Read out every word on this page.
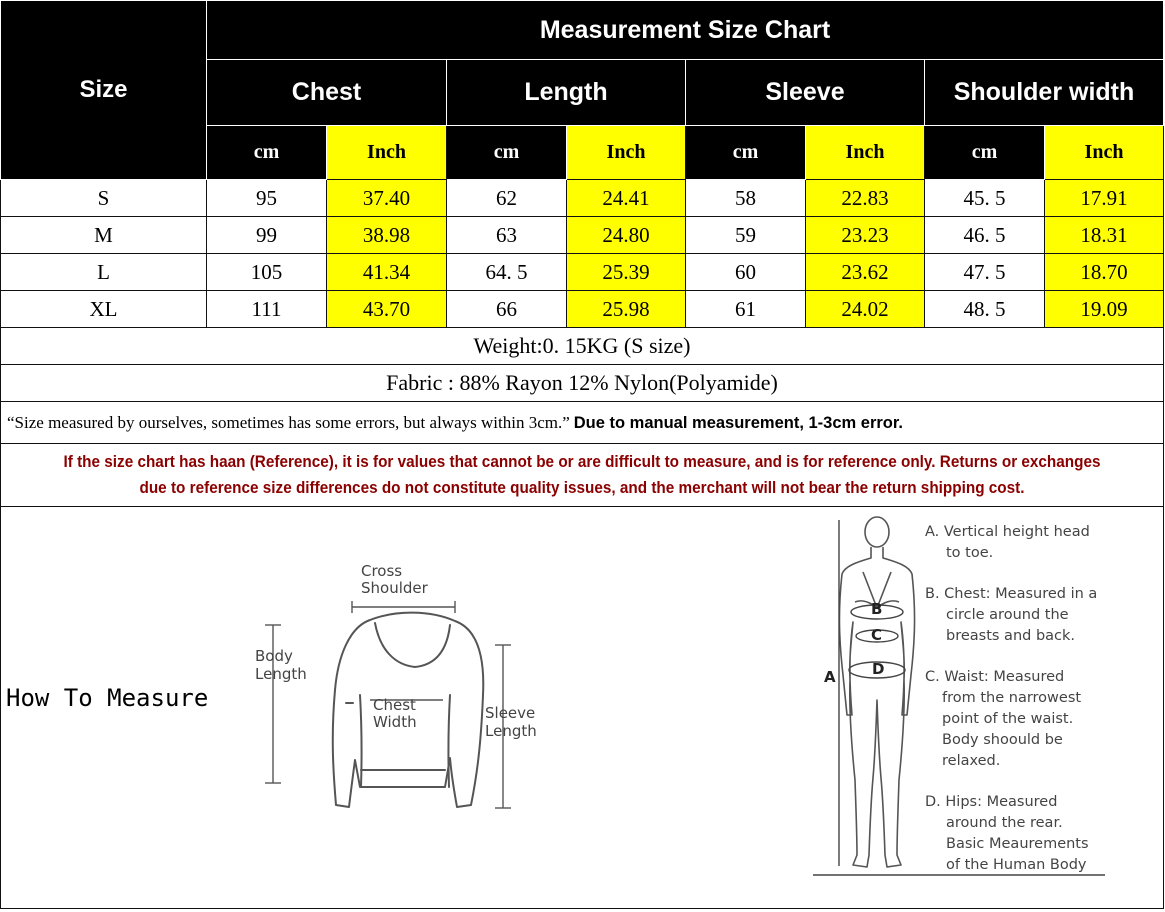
Size	Measurement Size Chart							
	Chest		Length		Sleeve		Shoulder width	
	cm	Inch	cm	Inch	cm	Inch	cm	Inch
S	95	37.40	62	24.41	58	22.83	45. 5	17.91
M	99	38.98	63	24.80	59	23.23	46. 5	18.31
L	105	41.34	64. 5	25.39	60	23.62	47. 5	18.70
XL	111	43.70	66	25.98	61	24.02	48. 5	19.09
Weight:0. 15KG (S size)								
Fabric : 88% Rayon 12% Nylon(Polyamide)								
“Size measured by ourselves, sometimes has some errors, but always within 3cm.” Due to manual measurement, 1-3cm error.								

If the size chart has haan (Reference), it is for values that cannot be or are difficult to measure, and is for reference only. Returns or exchanges
due to reference size differences do not constitute quality issues, and the merchant will not bear the return shipping cost.								

How To Measure								
Cross
Shoulder
Body
Length
Chest
Width	Sleeve
Length
B
C
D
A
A. Vertical height head
to toe.
B. Chest: Measured in a
circle around the
breasts and back.
C. Waist: Measured
from the narrowest
point of the waist.
Body shoould be
relaxed.
D. Hips: Measured
around the rear.
Basic Meaurements
of the Human Body
